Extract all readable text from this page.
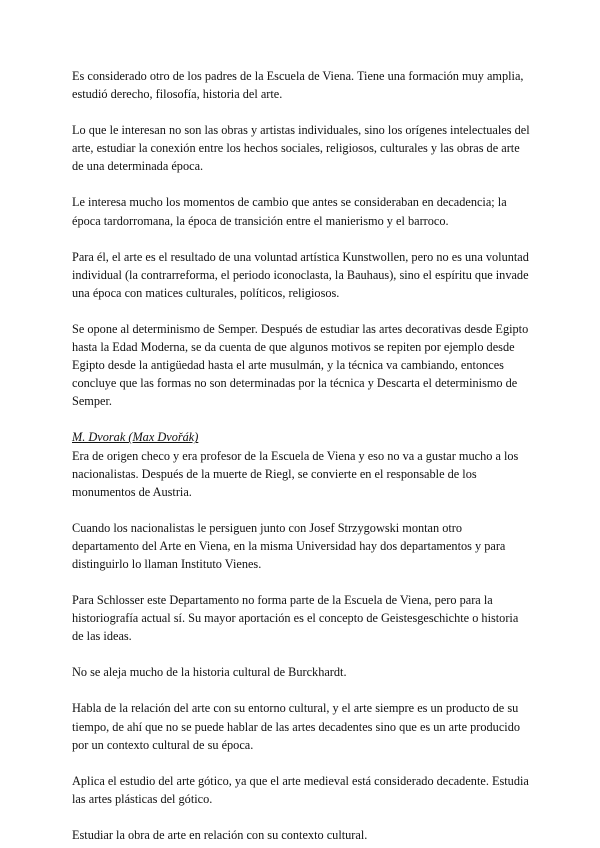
Es considerado otro de los padres de la Escuela de Viena. Tiene una formación muy amplia, estudió derecho, filosofía, historia del arte.

Lo que le interesan no son las obras y artistas individuales, sino los orígenes intelectuales del arte, estudiar la conexión entre los hechos sociales, religiosos, culturales y las obras de arte de una determinada época.

Le interesa mucho los momentos de cambio que antes se consideraban en decadencia; la época tardorromana, la época de transición entre el manierismo y el barroco.

Para él, el arte es el resultado de una voluntad artística Kunstwollen, pero no es una voluntad individual (la contrarreforma, el periodo iconoclasta, la Bauhaus), sino el espíritu que invade una época con matices culturales, políticos, religiosos.

Se opone al determinismo de Semper. Después de estudiar las artes decorativas desde Egipto hasta la Edad Moderna, se da cuenta de que algunos motivos se repiten por ejemplo desde Egipto desde la antigüedad hasta el arte musulmán, y la técnica va cambiando, entonces concluye que las formas no son determinadas por la técnica y Descarta el determinismo de Semper.

M. Dvorak (Max Dvořák)

Era de origen checo y era profesor de la Escuela de Viena y eso no va a gustar mucho a los nacionalistas. Después de la muerte de Riegl, se convierte en el responsable de los monumentos de Austria.

Cuando los nacionalistas le persiguen junto con Josef Strzygowski montan otro departamento del Arte en Viena, en la misma Universidad hay dos departamentos y para distinguirlo lo llaman Instituto Vienes.

Para Schlosser este Departamento no forma parte de la Escuela de Viena, pero para la historiografía actual sí. Su mayor aportación es el concepto de Geistesgeschichte o historia de las ideas.

No se aleja mucho de la historia cultural de Burckhardt.

Habla de la relación del arte con su entorno cultural, y el arte siempre es un producto de su tiempo, de ahí que no se puede hablar de las artes decadentes sino que es un arte producido por un contexto cultural de su época.

Aplica el estudio del arte gótico, ya que el arte medieval está considerado decadente. Estudia las artes plásticas del gótico.

Estudiar la obra de arte en relación con su contexto cultural.
